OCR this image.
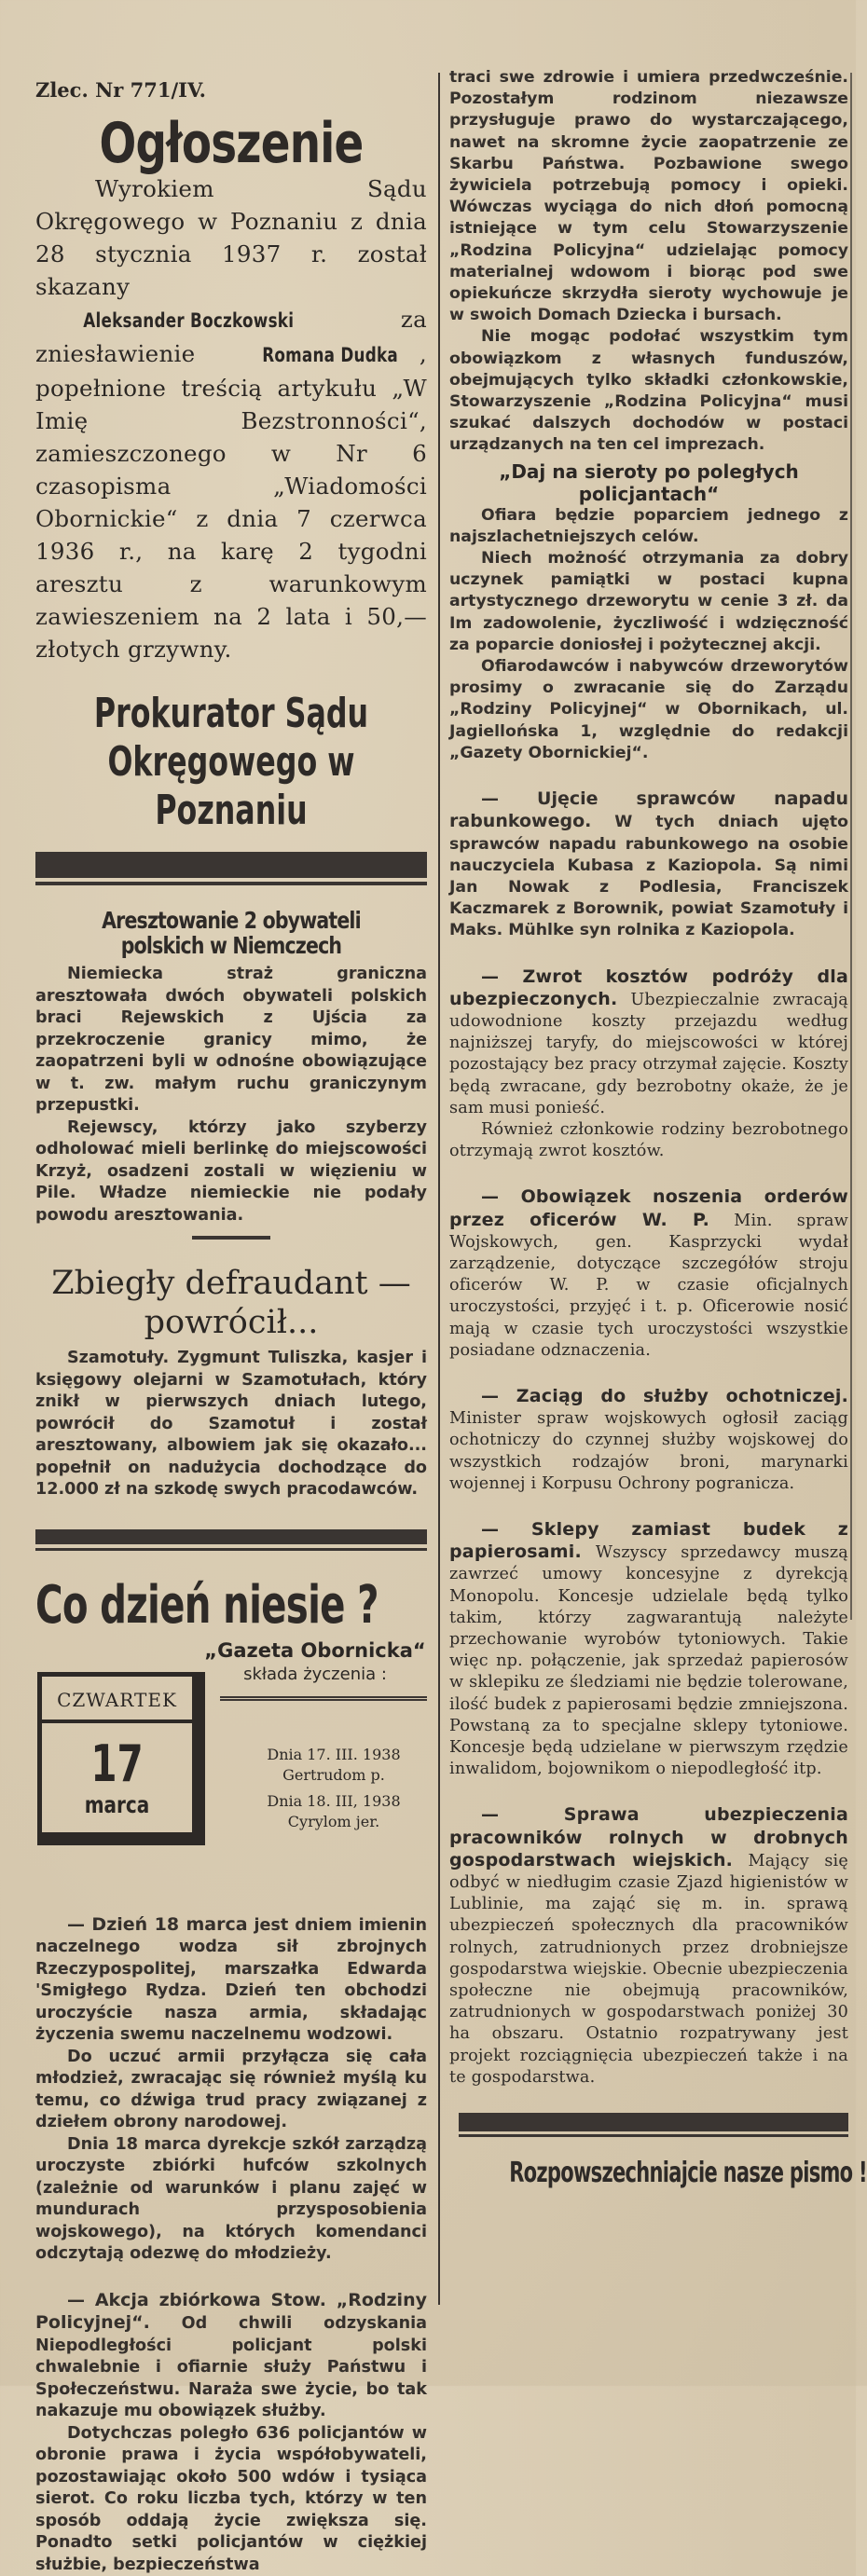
Zlec. Nr 771/IV.
Ogłoszenie

Wyrokiem Sądu Okręgowego w Poznaniu z dnia 28 stycznia 1937 r. został skazany Aleksander Boczkowski za zniesławienie Romana Dudka , popełnione treścią artykułu „W Imię Bezstronności“, zamieszczonego w Nr 6 czasopisma „Wiadomości Obornickie“ z dnia 7 czerwca 1936 r., na karę 2 tygodni aresztu z warunkowym zawieszeniem na 2 lata i 50,— złotych grzywny.

Prokurator Sądu Okręgowego w Poznaniu
Aresztowanie 2 obywateli polskich w Niemczech

Niemiecka straż graniczna aresztowała dwóch obywateli polskich braci Rejewskich z Ujścia za przekroczenie granicy mimo, że zaopatrzeni byli w odnośne obowiązujące w t. zw. małym ruchu graniczynym przepustki.

Rejewscy, którzy jako szyberzy odholować mieli berlinkę do miejscowości Krzyż, osadzeni zostali w więzieniu w Pile. Władze niemieckie nie podały powodu aresztowania.

Zbiegły defraudant — powrócił...

Szamotuły. Zygmunt Tuliszka, kasjer i księgowy olejarni w Szamotułach, który znikł w pierwszych dniach lutego, powrócił do Szamotuł i został aresztowany, albowiem jak się okazało... popełnił on nadużycia dochodzące do 12.000 zł na szkodę swych pracodawców.

Co dzień niesie ?
„Gazeta Obornicka“
składa życzenia :
CZWARTEK
17
marca
Dnia 17. III. 1938
Gertrudom p.
Dnia 18. III, 1938
Cyrylom jer.

— Dzień 18 marca jest dniem imienin naczelnego wodza sił zbrojnych Rzeczypospolitej, marszałka Edwarda 'Smigłego Rydza. Dzień ten obchodzi uroczyście nasza armia, składając życzenia swemu naczelnemu wodzowi.

Do uczuć armii przyłącza się cała młodzież, zwracając się również myślą ku temu, co dźwiga trud pracy związanej z dziełem obrony narodowej.

Dnia 18 marca dyrekcje szkół zarządzą uroczyste zbiórki hufców szkolnych (zależnie od warunków i planu zajęć w mundurach przysposobienia wojskowego), na których komendanci odczytają odezwę do młodzieży.

— Akcja zbiórkowa Stow. „Rodziny Policyjnej“. Od chwili odzyskania Niepodległości policjant polski chwalebnie i ofiarnie służy Państwu i Społeczeństwu. Naraża swe życie, bo tak nakazuje mu obowiązek służby.

Dotychczas poległo 636 policjantów w obronie prawa i życia współobywateli, pozostawiając około 500 wdów i tysiąca sierot. Co roku liczba tych, którzy w ten sposób oddają życie zwiększa się. Ponadto setki policjantów w ciężkiej służbie, bezpieczeństwa

traci swe zdrowie i umiera przedwcześnie. Pozostałym rodzinom niezawsze przysługuje prawo do wystarczającego, nawet na skromne życie zaopatrzenie ze Skarbu Państwa. Pozbawione swego żywiciela potrzebują pomocy i opieki. Wówczas wyciąga do nich dłoń pomocną istniejące w tym celu Stowarzyszenie „Rodzina Policyjna“ udzielając pomocy materialnej wdowom i biorąc pod swe opiekuńcze skrzydła sieroty wychowuje je w swoich Domach Dziecka i bursach.

Nie mogąc podołać wszystkim tym obowiązkom z własnych funduszów, obejmujących tylko składki członkowskie, Stowarzyszenie „Rodzina Policyjna“ musi szukać dalszych dochodów w postaci urządzanych na ten cel imprezach.

„Daj na sieroty po poległych policjantach“

Ofiara będzie poparciem jednego z najszlachetniejszych celów.

Niech możność otrzymania za dobry uczynek pamiątki w postaci kupna artystycznego drzeworytu w cenie 3 zł. da Im zadowolenie, życzliwość i wdzięczność za poparcie doniosłej i pożytecznej akcji.

Ofiarodawców i nabywców drzeworytów prosimy o zwracanie się do Zarządu „Rodziny Policyjnej“ w Obornikach, ul. Jagiellońska 1, względnie do redakcji „Gazety Obornickiej“.

— Ujęcie sprawców napadu rabunkowego. W tych dniach ujęto sprawców napadu rabunkowego na osobie nauczyciela Kubasa z Kaziopola. Są nimi Jan Nowak z Podlesia, Franciszek Kaczmarek z Borownik, powiat Szamotuły i Maks. Mühlke syn rolnika z Kaziopola.

— Zwrot kosztów podróży dla ubezpieczonych. Ubezpieczalnie zwracają udowodnione koszty przejazdu według najniższej taryfy, do miejscowości w której pozostający bez pracy otrzymał zajęcie. Koszty będą zwracane, gdy bezrobotny okaże, że je sam musi ponieść.

Również członkowie rodziny bezrobotnego otrzymają zwrot kosztów.

— Obowiązek noszenia orderów przez oficerów W. P. Min. spraw Wojskowych, gen. Kasprzycki wydał zarządzenie, dotyczące szczegółów stroju oficerów W. P. w czasie oficjalnych uroczystości, przyjęć i t. p. Oficerowie nosić mają w czasie tych uroczystości wszystkie posiadane odznaczenia.

— Zaciąg do służby ochotniczej. Minister spraw wojskowych ogłosił zaciąg ochotniczy do czynnej służby wojskowej do wszystkich rodzajów broni, marynarki wojennej i Korpusu Ochrony pogranicza.

— Sklepy zamiast budek z papierosami. Wszyscy sprzedawcy muszą zawrzeć umowy koncesyjne z dyrekcją Monopolu. Koncesje udzielale będą tylko takim, którzy zagwarantują należyte przechowanie wyrobów tytoniowych. Takie więc np. połączenie, jak sprzedaż papierosów w sklepiku ze śledziami nie będzie tolerowane, ilość budek z papierosami będzie zmniejszona. Powstaną za to specjalne sklepy tytoniowe. Koncesje będą udzielane w pierwszym rzędzie inwalidom, bojownikom o niepodległość itp.

— Sprawa ubezpieczenia pracowników rolnych w drobnych gospodarstwach wiejskich. Mający się odbyć w niedługim czasie Zjazd higienistów w Lublinie, ma zająć się m. in. sprawą ubezpieczeń społecznych dla pracowników rolnych, zatrudnionych przez drobniejsze gospodarstwa wiejskie. Obecnie ubezpieczenia społeczne nie obejmują pracowników, zatrudnionych w gospodarstwach poniżej 30 ha obszaru. Ostatnio rozpatrywany jest projekt rozciągnięcia ubezpieczeń także i na te gospodarstwa.

Rozpowszechniajcie nasze pismo !
